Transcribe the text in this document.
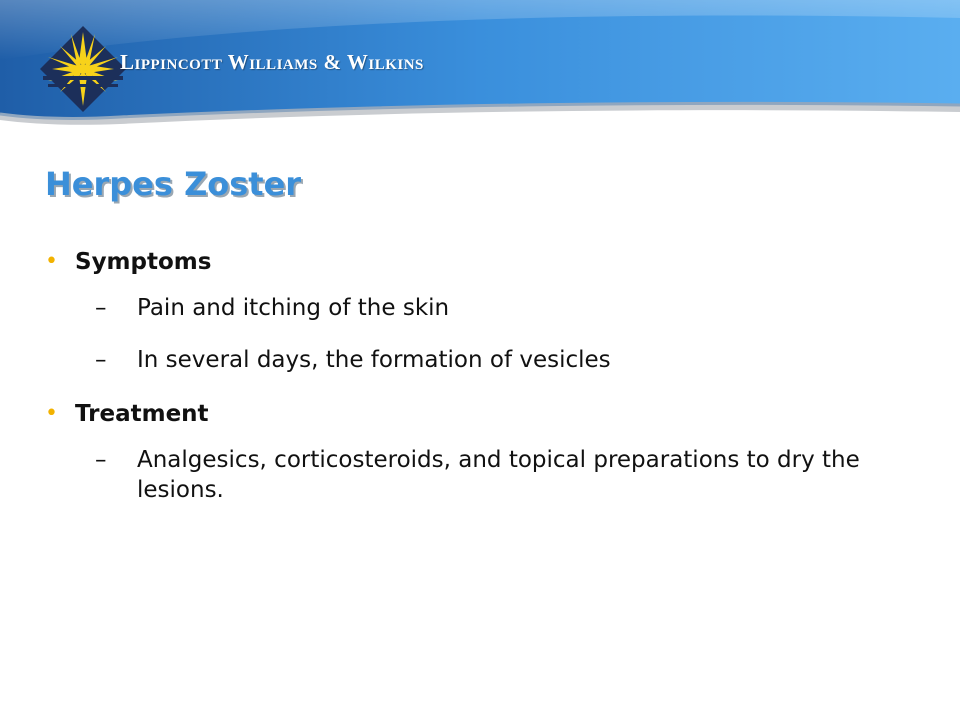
Lippincott Williams & Wilkins
Herpes Zoster
• Symptoms
– Pain and itching of the skin
– In several days, the formation of vesicles
• Treatment
– Analgesics, corticosteroids, and topical preparations to dry the lesions.
